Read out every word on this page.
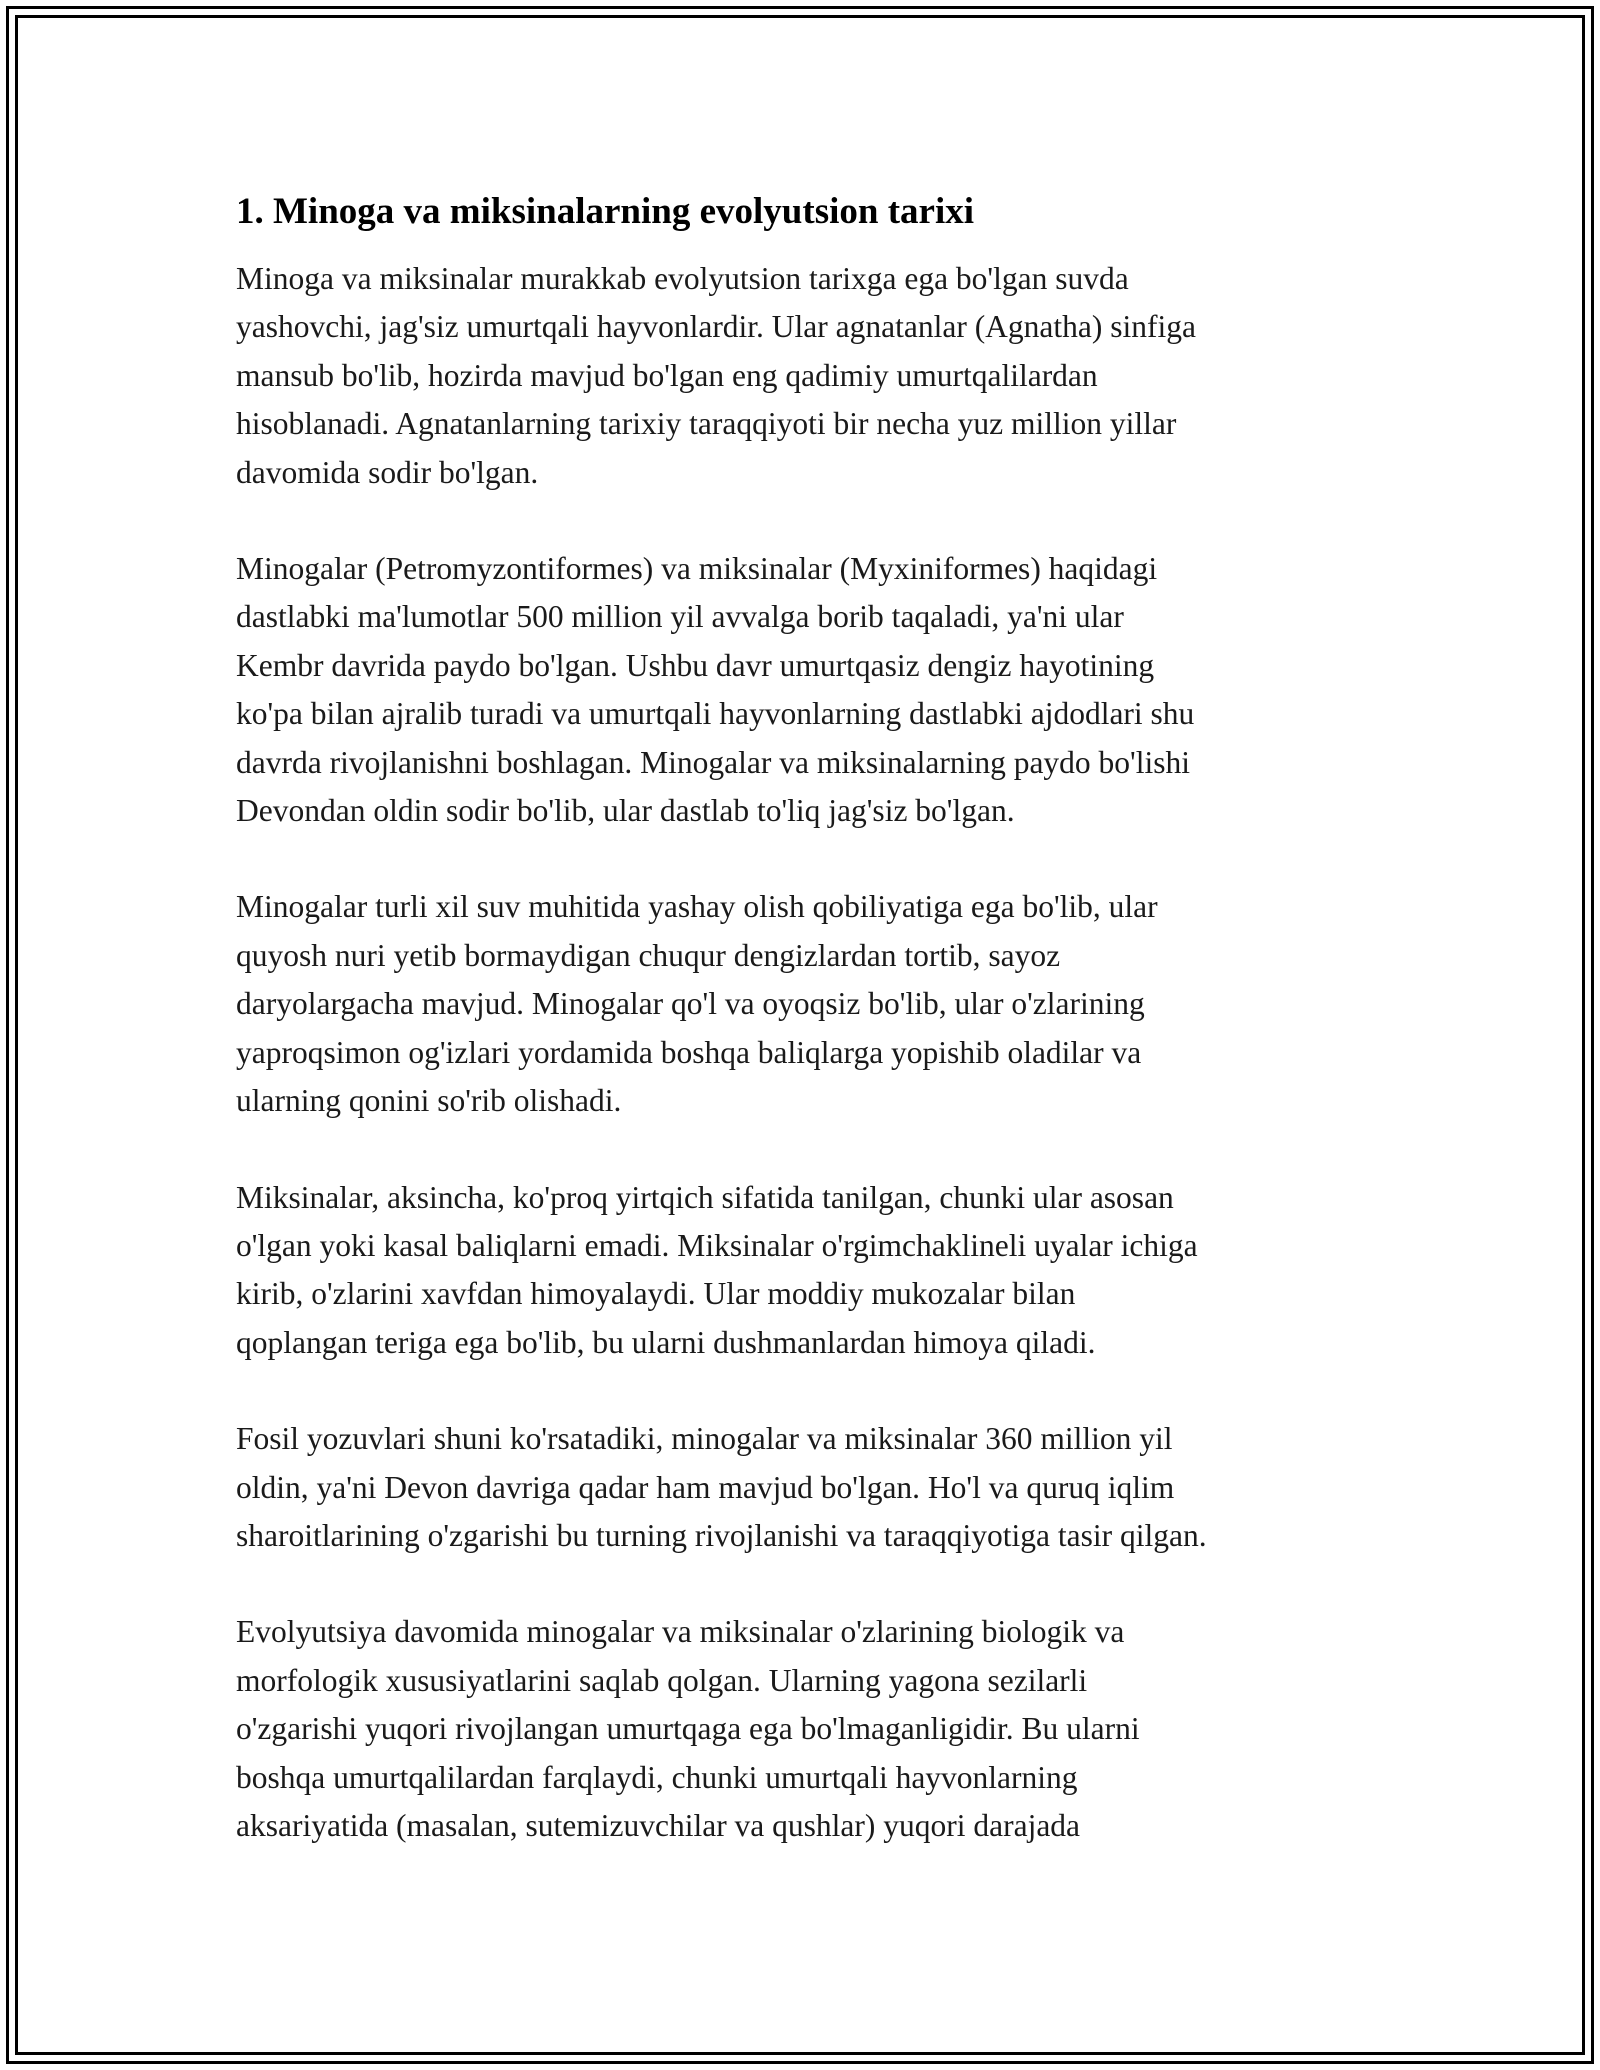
1. Minoga va miksinalarning evolyutsion tarixi

Minoga va miksinalar murakkab evolyutsion tarixga ega bo'lgan suvda
yashovchi, jag'siz umurtqali hayvonlardir. Ular agnatanlar (Agnatha) sinfiga
mansub bo'lib, hozirda mavjud bo'lgan eng qadimiy umurtqalilardan
hisoblanadi. Agnatanlarning tarixiy taraqqiyoti bir necha yuz million yillar
davomida sodir bo'lgan.

Minogalar (Petromyzontiformes) va miksinalar (Myxiniformes) haqidagi
dastlabki ma'lumotlar 500 million yil avvalga borib taqaladi, ya'ni ular
Kembr davrida paydo bo'lgan. Ushbu davr umurtqasiz dengiz hayotining
ko'pa bilan ajralib turadi va umurtqali hayvonlarning dastlabki ajdodlari shu
davrda rivojlanishni boshlagan. Minogalar va miksinalarning paydo bo'lishi
Devondan oldin sodir bo'lib, ular dastlab to'liq jag'siz bo'lgan.

Minogalar turli xil suv muhitida yashay olish qobiliyatiga ega bo'lib, ular
quyosh nuri yetib bormaydigan chuqur dengizlardan tortib, sayoz
daryolargacha mavjud. Minogalar qo'l va oyoqsiz bo'lib, ular o'zlarining
yaproqsimon og'izlari yordamida boshqa baliqlarga yopishib oladilar va
ularning qonini so'rib olishadi.

Miksinalar, aksincha, ko'proq yirtqich sifatida tanilgan, chunki ular asosan
o'lgan yoki kasal baliqlarni emadi. Miksinalar o'rgimchaklineli uyalar ichiga
kirib, o'zlarini xavfdan himoyalaydi. Ular moddiy mukozalar bilan
qoplangan teriga ega bo'lib, bu ularni dushmanlardan himoya qiladi.

Fosil yozuvlari shuni ko'rsatadiki, minogalar va miksinalar 360 million yil
oldin, ya'ni Devon davriga qadar ham mavjud bo'lgan. Ho'l va quruq iqlim
sharoitlarining o'zgarishi bu turning rivojlanishi va taraqqiyotiga tasir qilgan.

Evolyutsiya davomida minogalar va miksinalar o'zlarining biologik va
morfologik xususiyatlarini saqlab qolgan. Ularning yagona sezilarli
o'zgarishi yuqori rivojlangan umurtqaga ega bo'lmaganligidir. Bu ularni
boshqa umurtqalilardan farqlaydi, chunki umurtqali hayvonlarning
aksariyatida (masalan, sutemizuvchilar va qushlar) yuqori darajada
